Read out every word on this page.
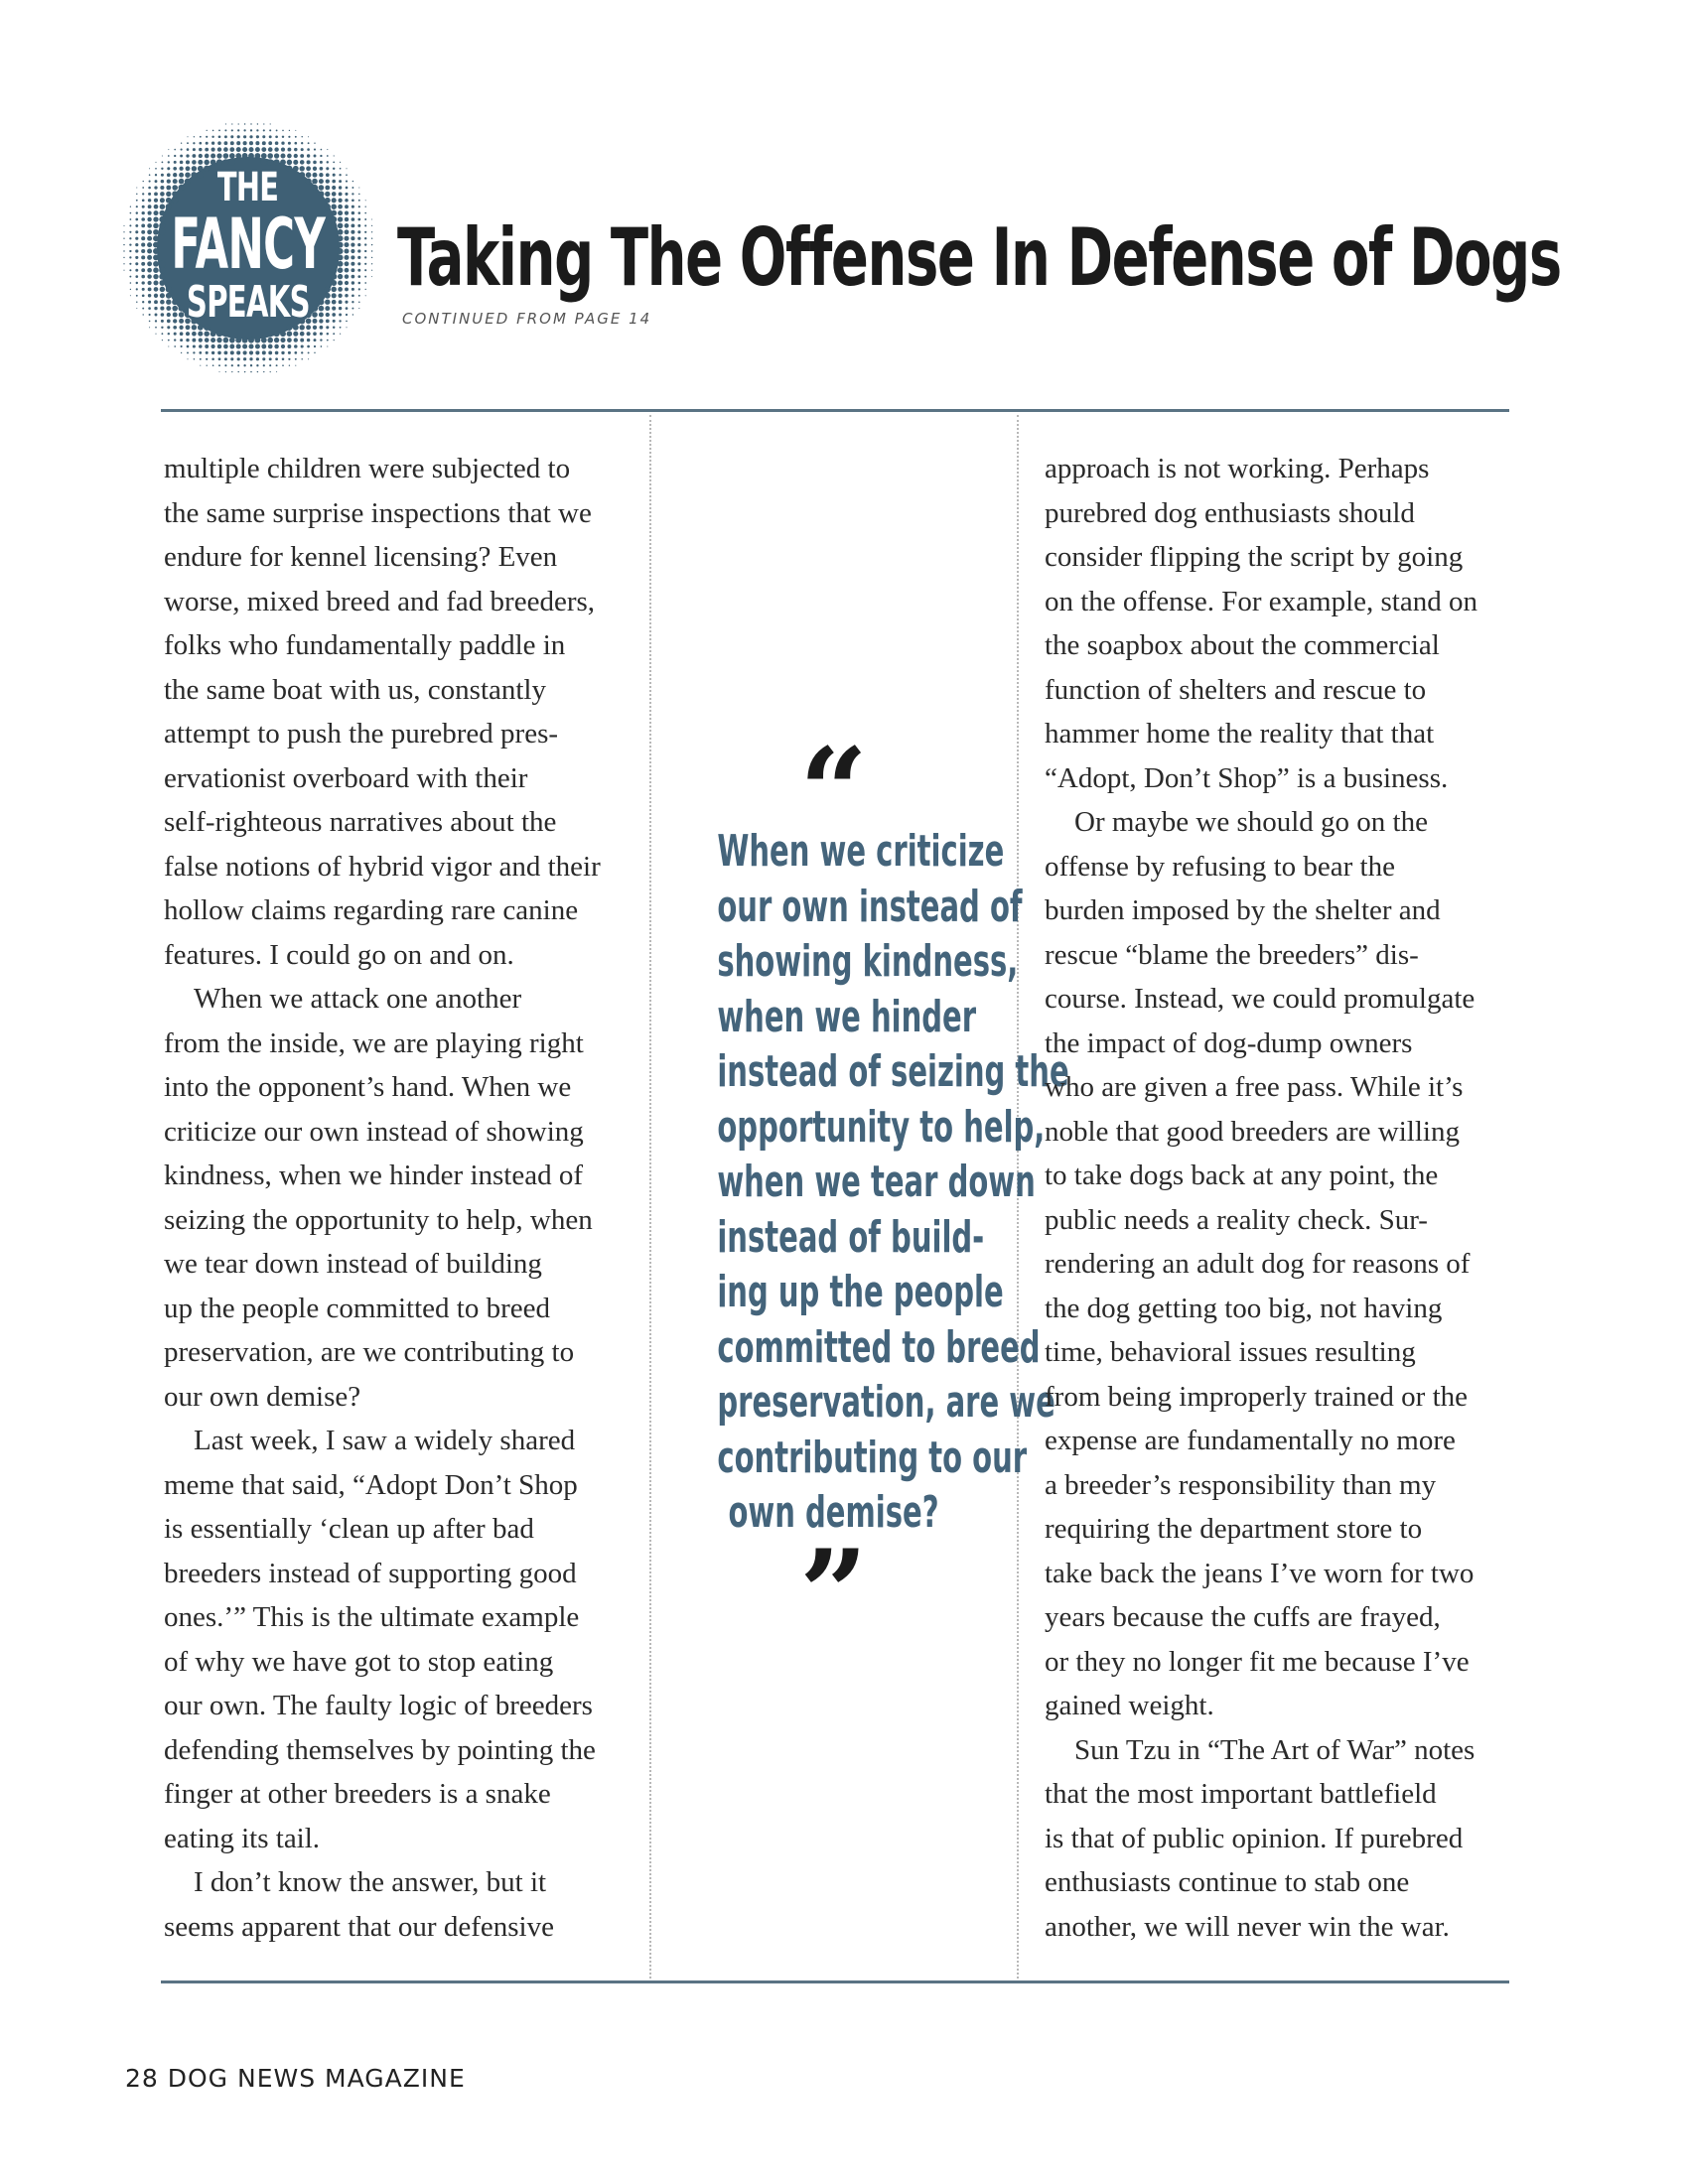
THE
FANCY
SPEAKS Taking The Offense In Defense of Dogs
CONTINUED FROM PAGE 14

multiple children were subjected to

the same surprise inspections that we

endure for kennel licensing? Even

worse, mixed breed and fad breeders,

folks who fundamentally paddle in

the same boat with us, constantly

attempt to push the purebred pres-

ervationist overboard with their

self-righteous narratives about the

false notions of hybrid vigor and their

hollow claims regarding rare canine

features. I could go on and on.

When we attack one another

from the inside, we are playing right

into the opponent’s hand. When we

criticize our own instead of showing

kindness, when we hinder instead of

seizing the opportunity to help, when

we tear down instead of building

up the people committed to breed

preservation, are we contributing to

our own demise?

Last week, I saw a widely shared

meme that said, “Adopt Don’t Shop

is essentially ‘clean up after bad

breeders instead of supporting good

ones.’” This is the ultimate example

of why we have got to stop eating

our own. The faulty logic of breeders

defending themselves by pointing the

finger at other breeders is a snake

eating its tail.

I don’t know the answer, but it

seems apparent that our defensive

“

When we criticize

our own instead of

showing kindness,

when we hinder

instead of seizing the

opportunity to help,

when we tear down

instead of build-

ing up the people

committed to breed

preservation, are we

contributing to our

own demise?

”

approach is not working. Perhaps

purebred dog enthusiasts should

consider flipping the script by going

on the offense. For example, stand on

the soapbox about the commercial

function of shelters and rescue to

hammer home the reality that that

“Adopt, Don’t Shop” is a business.

Or maybe we should go on the

offense by refusing to bear the

burden imposed by the shelter and

rescue “blame the breeders” dis-

course. Instead, we could promulgate

the impact of dog-dump owners

who are given a free pass. While it’s

noble that good breeders are willing

to take dogs back at any point, the

public needs a reality check. Sur-

rendering an adult dog for reasons of

the dog getting too big, not having

time, behavioral issues resulting

from being improperly trained or the

expense are fundamentally no more

a breeder’s responsibility than my

requiring the department store to

take back the jeans I’ve worn for two

years because the cuffs are frayed,

or they no longer fit me because I’ve

gained weight.

Sun Tzu in “The Art of War” notes

that the most important battlefield

is that of public opinion. If purebred

enthusiasts continue to stab one

another, we will never win the war.

28 DOG NEWS MAGAZINE
